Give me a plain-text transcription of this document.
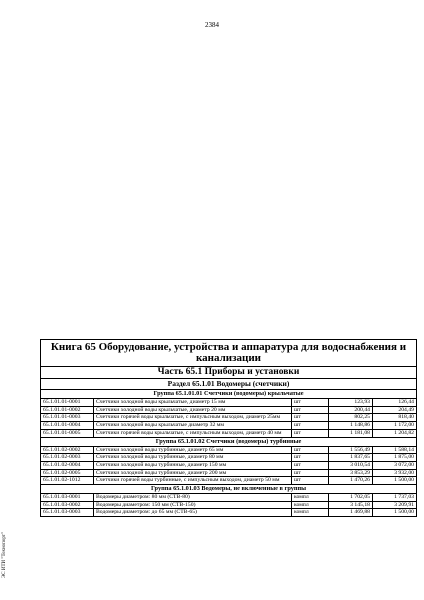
2384
ЭС ИТИ "Технопорт"
Книга 65 Оборудование, устройства и аппаратура для водоснабжения и канализации				
Часть 65.1 Приборы и установки				
Раздел 65.1.01 Водомеры (счетчики)				
Группа 65.1.01.01 Счетчики (водомеры) крыльчатые				
65.1.01.01-0001	Счетчики холодной воды крыльчатые, диаметр 15 мм	шт	123,93	126,44
65.1.01.01-0002	Счетчики холодной воды крыльчатые, диаметр 20 мм	шт	200,44	204,49
65.1.01.01-0003	Счетчики горячей воды крыльчатые, с импульсным выходом, диаметр 25мм	шт	802,25	818,40
65.1.01.01-0004	Счетчики холодной воды крыльчатые диаметр 32 мм	шт	1 148,86	1 172,00
65.1.01.01-0005	Счетчики горячей воды крыльчатые, с импульсным выходом, диаметр 40 мм	шт	1 181,08	1 204,82
Группа 65.1.01.02 Счетчики (водомеры) турбинные				
65.1.01.02-0002	Счетчики холодной воды турбинные, диаметр 65 мм	шт	1 556,49	1 588,14
65.1.01.02-0003	Счетчики холодной воды турбинные, диаметр 80 мм	шт	1 837,65	1 875,00
65.1.01.02-0004	Счетчики холодной воды турбинные, диаметр 150 мм	шт	3 010,54	3 072,00
65.1.01.02-0005	Счетчики холодной воды турбинные, диаметр 200 мм	шт	3 853,29	3 932,00
65.1.01.02-1012	Счетчики горячей воды турбинные, с импульсным выходом, диаметр 50 мм	шт	1 470,26	1 500,00
Группа 65.1.01.03 Водомеры, не включенные в группы				
65.1.01.03-0001	Водомеры диаметром: 80 мм (СТВ-80)	компл	1 702,05	1 737,03
65.1.01.03-0002	Водомеры диаметром: 150 мм (СТВ-150)	компл	3 145,18	3 209,91
65.1.01.03-0003	Водомеры диаметром: до 65 мм (СТВ-65)	компл	1 469,88	1 500,00
